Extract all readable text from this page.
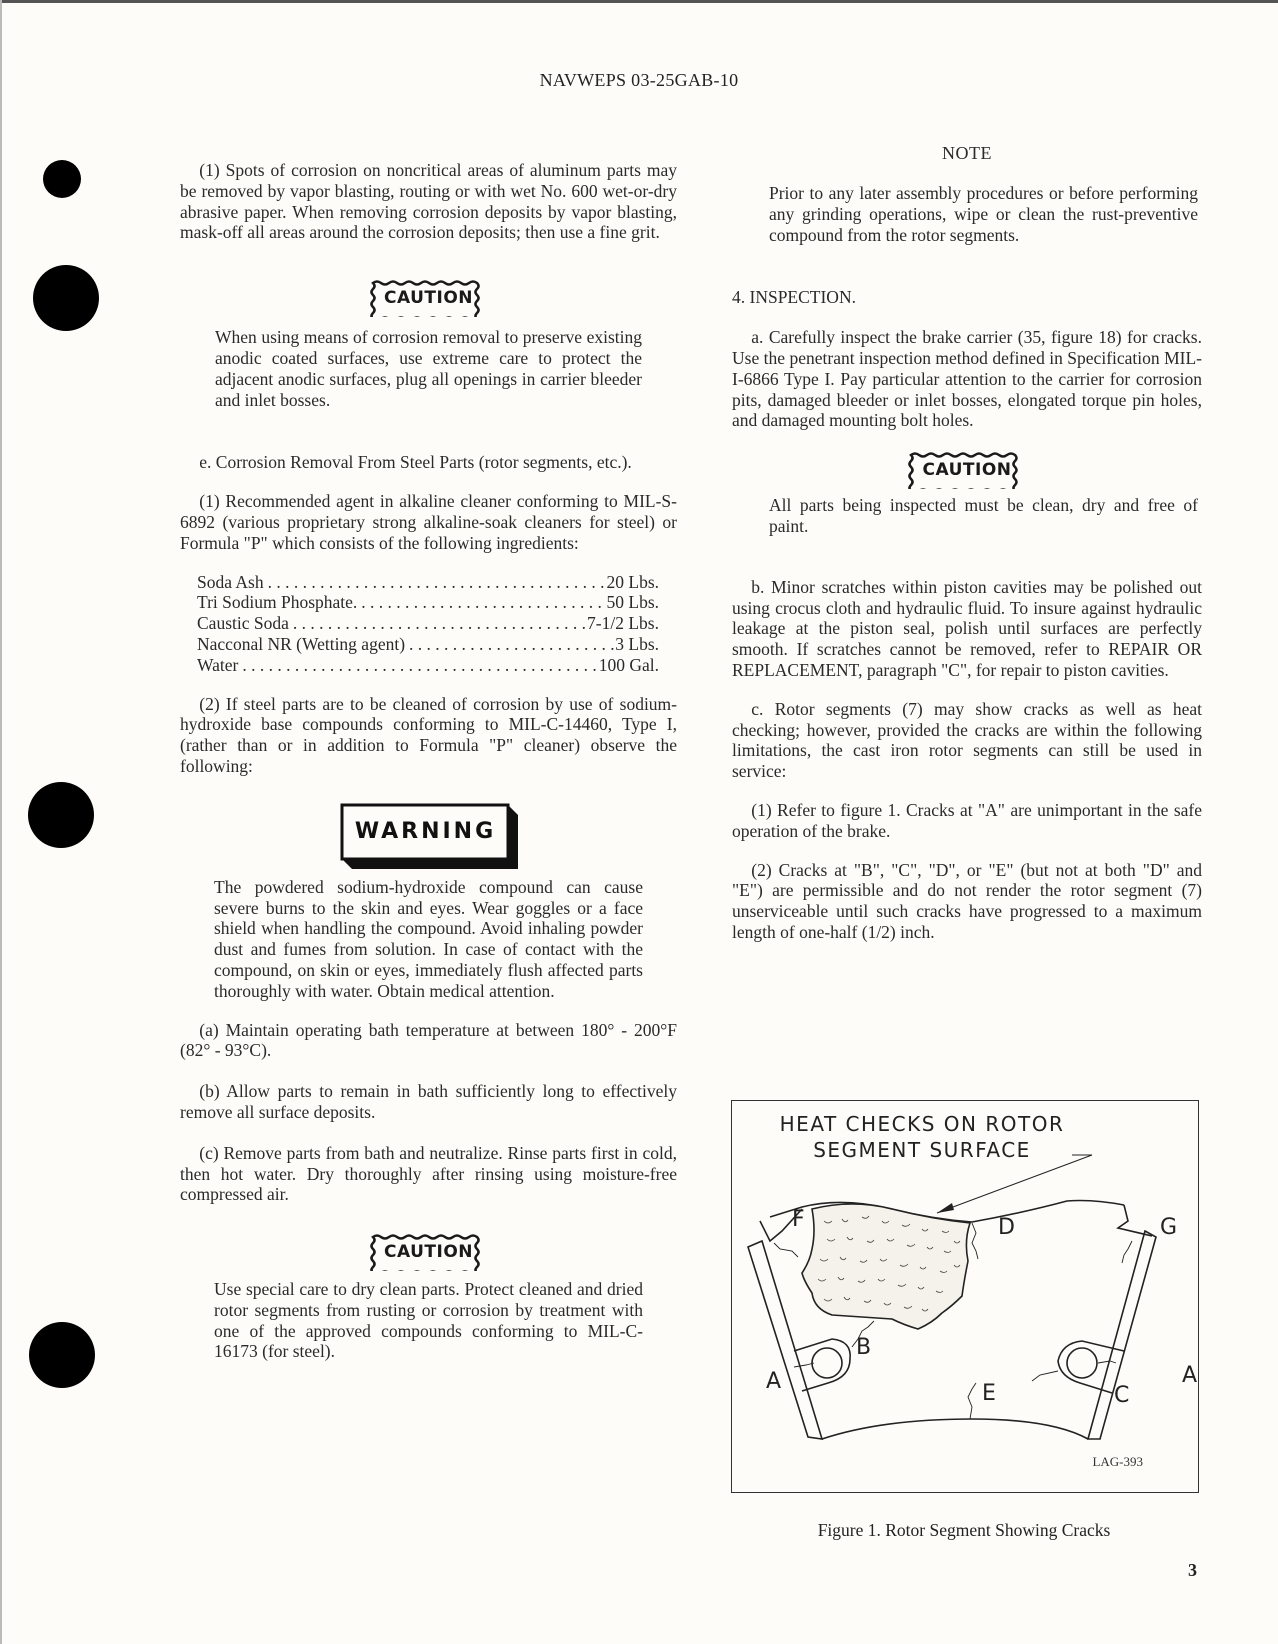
NAVWEPS 03-25GAB-10

(1) Spots of corrosion on noncritical areas of aluminum parts may be removed by vapor blasting, routing or with wet No. 600 wet-or-dry abrasive paper. When removing corrosion deposits by vapor blasting, mask-off all areas around the corrosion deposits; then use a fine grit.

CAUTION
When using means of corrosion removal to preserve existing anodic coated surfaces, use extreme care to protect the adjacent anodic surfaces, plug all openings in carrier bleeder and inlet bosses.

e. Corrosion Removal From Steel Parts (rotor segments, etc.).

(1) Recommended agent in alkaline cleaner conforming to MIL-S-6892 (various proprietary strong alkaline-soak cleaners for steel) or Formula "P" which consists of the following ingredients:

Soda Ash . . .	20 Lbs.
Tri Sodium Phosphate. . . .	50 Lbs.
Caustic Soda . . .	7-1/2 Lbs.
Nacconal NR (Wetting agent) . . .	3 Lbs.
Water . . .	100 Gal.

(2) If steel parts are to be cleaned of corrosion by use of sodium-hydroxide base compounds conforming to MIL-C-14460, Type I, (rather than or in addition to Formula "P" cleaner) observe the following:

WARNING
The powdered sodium-hydroxide compound can cause severe burns to the skin and eyes. Wear goggles or a face shield when handling the compound. Avoid inhaling powder dust and fumes from solution. In case of contact with the compound, on skin or eyes, immediately flush affected parts thoroughly with water. Obtain medical attention.

(a) Maintain operating bath temperature at between 180° - 200°F (82° - 93°C).

(b) Allow parts to remain in bath sufficiently long to effectively remove all surface deposits.

(c) Remove parts from bath and neutralize. Rinse parts first in cold, then hot water. Dry thoroughly after rinsing using moisture-free compressed air.

CAUTION
Use special care to dry clean parts. Protect cleaned and dried rotor segments from rusting or corrosion by treatment with one of the approved compounds conforming to MIL-C-16173 (for steel).
NOTE
Prior to any later assembly procedures or before performing any grinding operations, wipe or clean the rust-preventive compound from the rotor segments.
4. INSPECTION.

a. Carefully inspect the brake carrier (35, figure 18) for cracks. Use the penetrant inspection method defined in Specification MIL-I-6866 Type I. Pay particular attention to the carrier for corrosion pits, damaged bleeder or inlet bosses, elongated torque pin holes, and damaged mounting bolt holes.

CAUTION
All parts being inspected must be clean, dry and free of paint.

b. Minor scratches within piston cavities may be polished out using crocus cloth and hydraulic fluid. To insure against hydraulic leakage at the piston seal, polish until surfaces are perfectly smooth. If scratches cannot be removed, refer to REPAIR OR REPLACEMENT, paragraph "C", for repair to piston cavities.

c. Rotor segments (7) may show cracks as well as heat checking; however, provided the cracks are within the following limitations, the cast iron rotor segments can still be used in service:

(1) Refer to figure 1. Cracks at "A" are unimportant in the safe operation of the brake.

(2) Cracks at "B", "C", "D", or "E" (but not at both "D" and "E") are permissible and do not render the rotor segment (7) unserviceable until such cracks have progressed to a maximum length of one-half (1/2) inch.

HEAT CHECKS ON ROTOR
SEGMENT SURFACE
F	D	G
B
A	E	C
A
LAG-393
Figure 1. Rotor Segment Showing Cracks
3
